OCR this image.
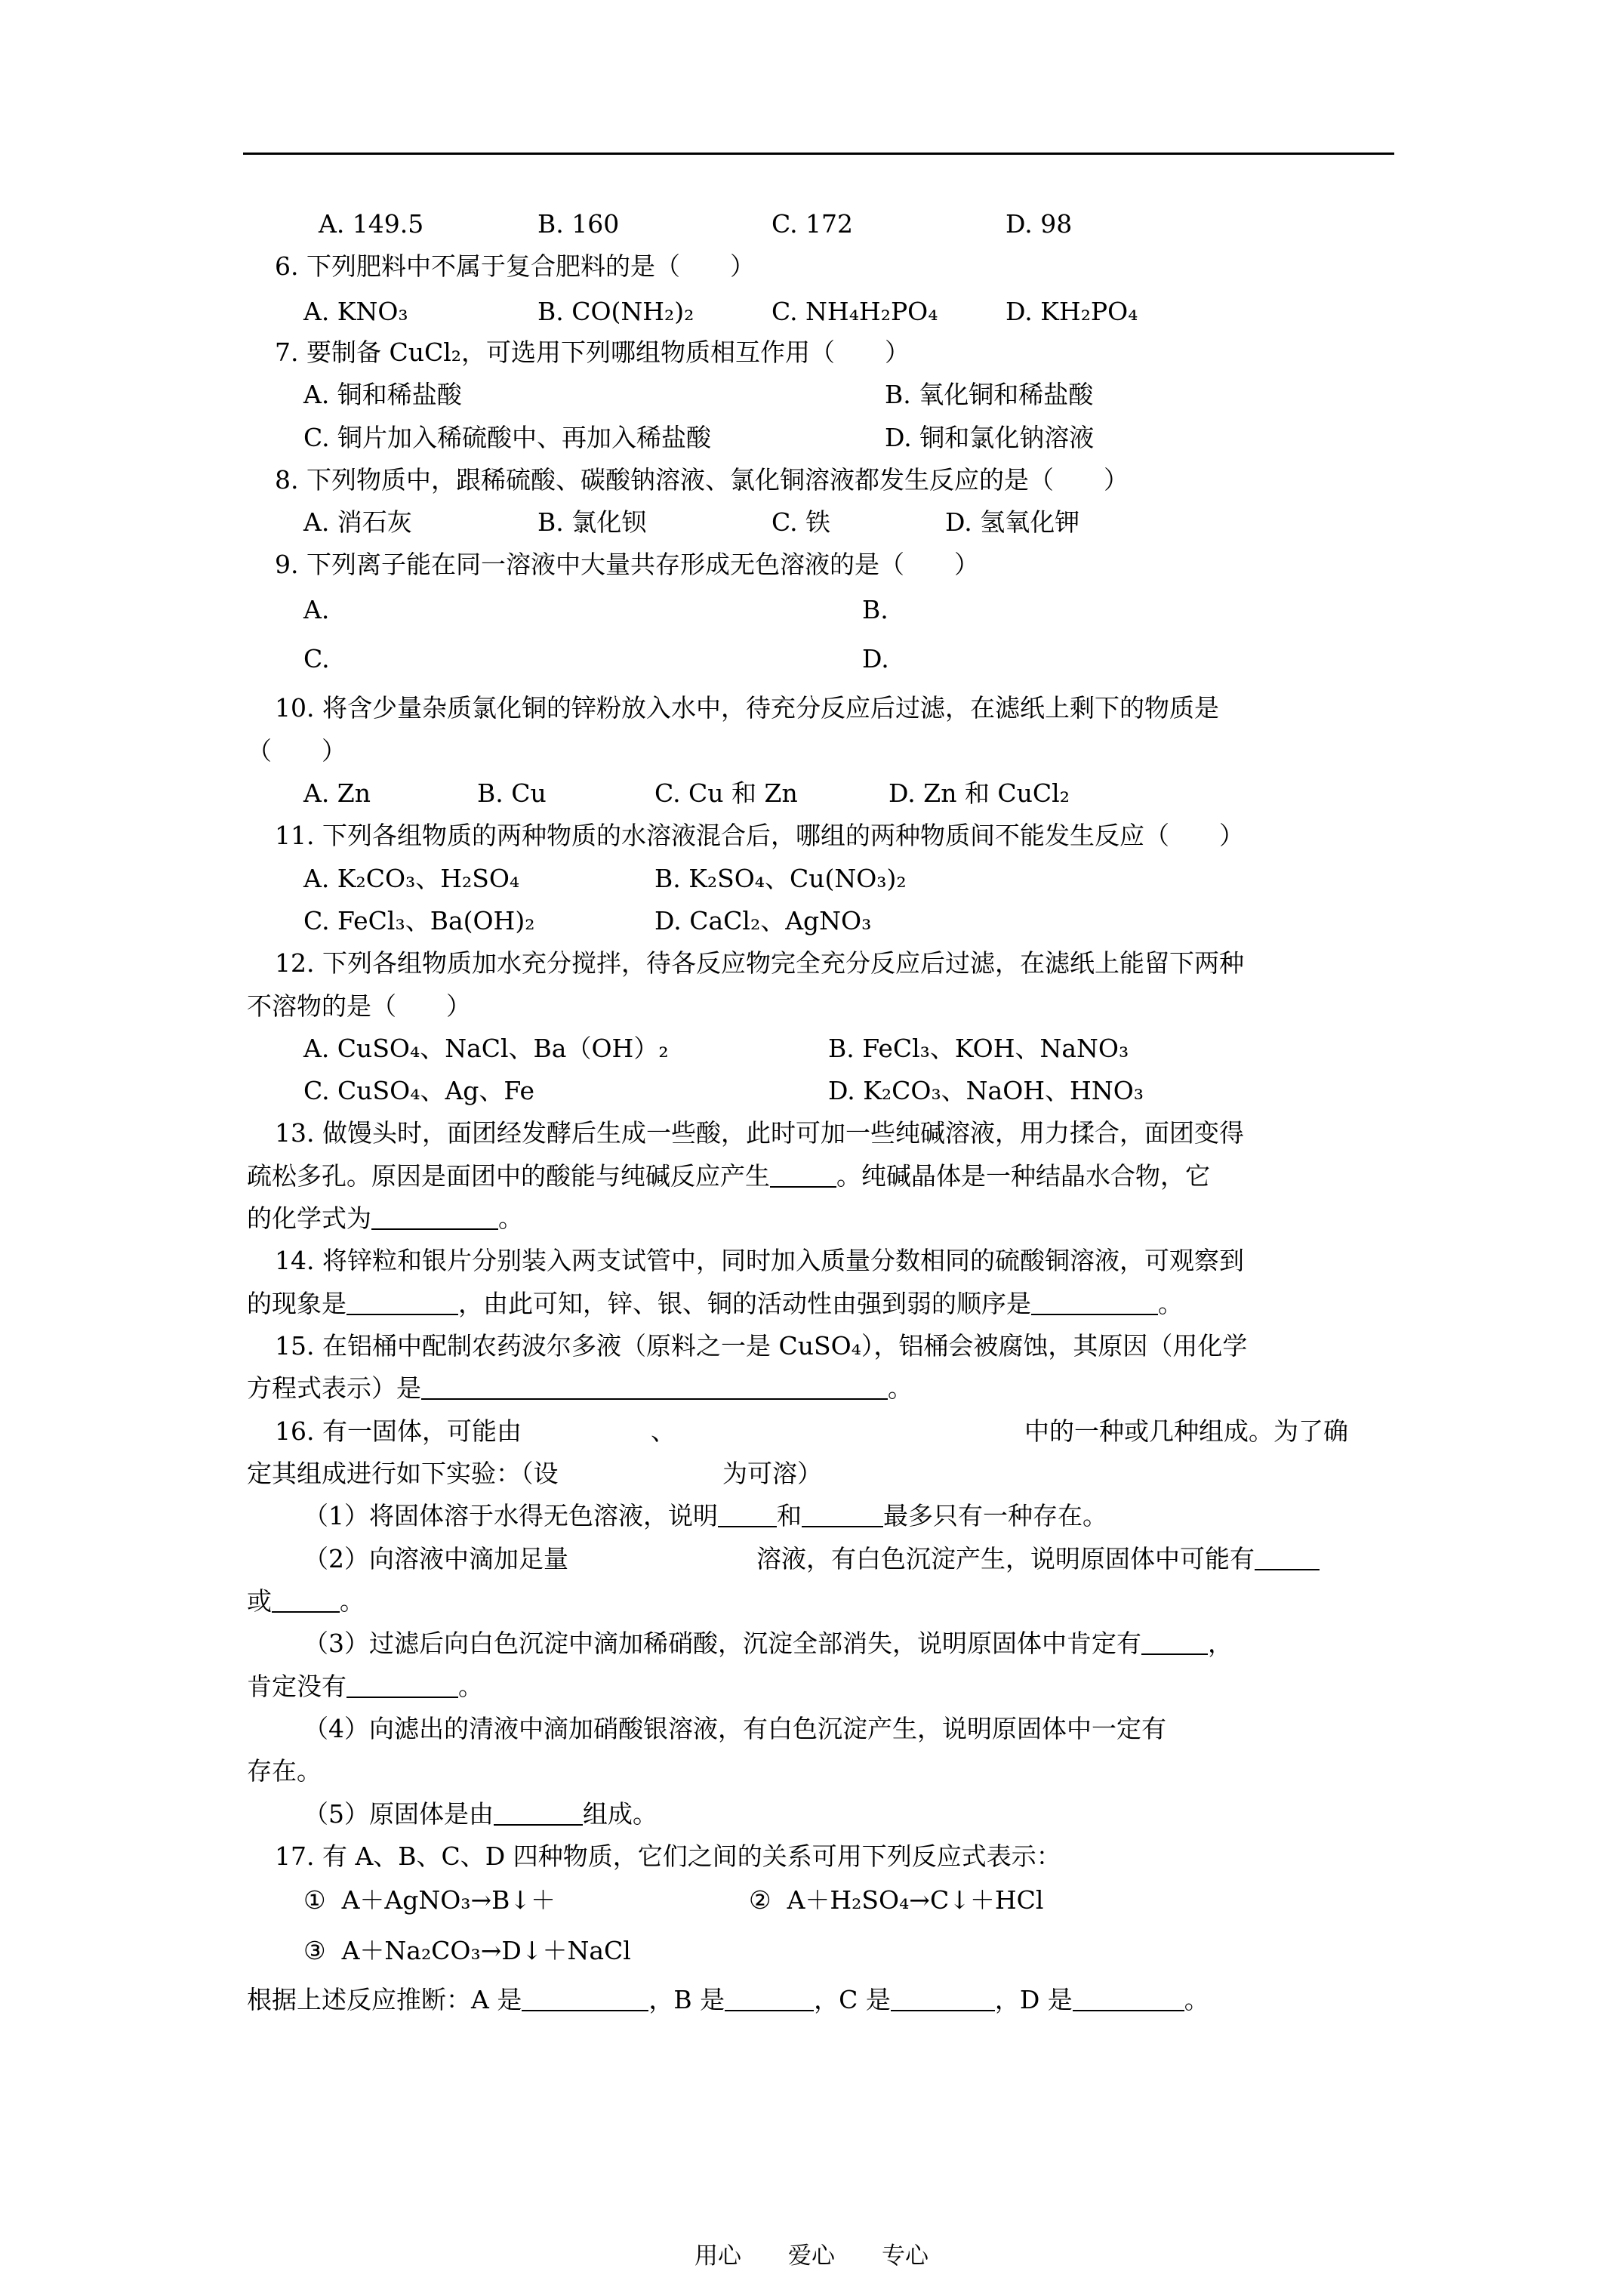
A. 149.5	B. 160	C. 172	D. 98
6. 下列肥料中不属于复合肥料的是（　　）
A. KNO₃	B. CO(NH₂)₂	C. NH₄H₂PO₄	D. KH₂PO₄
7. 要制备 CuCl₂，可选用下列哪组物质相互作用（　　）
A. 铜和稀盐酸	B. 氧化铜和稀盐酸
C. 铜片加入稀硫酸中、再加入稀盐酸	D. 铜和氯化钠溶液
8. 下列物质中，跟稀硫酸、碳酸钠溶液、氯化铜溶液都发生反应的是（　　）
A. 消石灰	B. 氯化钡	C. 铁	D. 氢氧化钾
9. 下列离子能在同一溶液中大量共存形成无色溶液的是（　　）
A.	B.
C.	D.
10. 将含少量杂质氯化铜的锌粉放入水中，待充分反应后过滤，在滤纸上剩下的物质是
（　　）
A. Zn	B. Cu	C. Cu 和 Zn	D. Zn 和 CuCl₂
11. 下列各组物质的两种物质的水溶液混合后，哪组的两种物质间不能发生反应（　　）
A. K₂CO₃、H₂SO₄	B. K₂SO₄、Cu(NO₃)₂
C. FeCl₃、Ba(OH)₂	D. CaCl₂、AgNO₃
12. 下列各组物质加水充分搅拌，待各反应物完全充分反应后过滤，在滤纸上能留下两种
不溶物的是（　　）
A. CuSO₄、NaCl、Ba（OH）₂	B. FeCl₃、KOH、NaNO₃
C. CuSO₄、Ag、Fe	D. K₂CO₃、NaOH、HNO₃
13. 做馒头时，面团经发酵后生成一些酸，此时可加一些纯碱溶液，用力揉合，面团变得
疏松多孔。原因是面团中的酸能与纯碱反应产生	。纯碱晶体是一种结晶水合物，它
的化学式为	。
14. 将锌粒和银片分别装入两支试管中，同时加入质量分数相同的硫酸铜溶液，可观察到
的现象是	，由此可知，锌、银、铜的活动性由强到弱的顺序是	。
15. 在铝桶中配制农药波尔多液（原料之一是 CuSO₄），铝桶会被腐蚀，其原因（用化学
方程式表示）是	。
16. 有一固体，可能由	、	中的一种或几种组成。为了确
定其组成进行如下实验：（设	为可溶）
（1）将固体溶于水得无色溶液，说明 和	最多只有一种存在。
（2）向溶液中滴加足量	溶液，有白色沉淀产生，说明原固体中可能有
或	。
（3）过滤后向白色沉淀中滴加稀硝酸，沉淀全部消失，说明原固体中肯定有	，
肯定没有	。
（4）向滤出的清液中滴加硝酸银溶液，有白色沉淀产生，说明原固体中一定有
存在。
（5）原固体是由	组成。
17. 有 A、B、C、D 四种物质，它们之间的关系可用下列反应式表示：
①  A＋AgNO₃→B↓＋	②  A＋H₂SO₄→C↓＋HCl
③  A＋Na₂CO₃→D↓＋NaCl
根据上述反应推断：A 是	，B 是	，C 是	，D 是	。
用心　　爱心　　专心
